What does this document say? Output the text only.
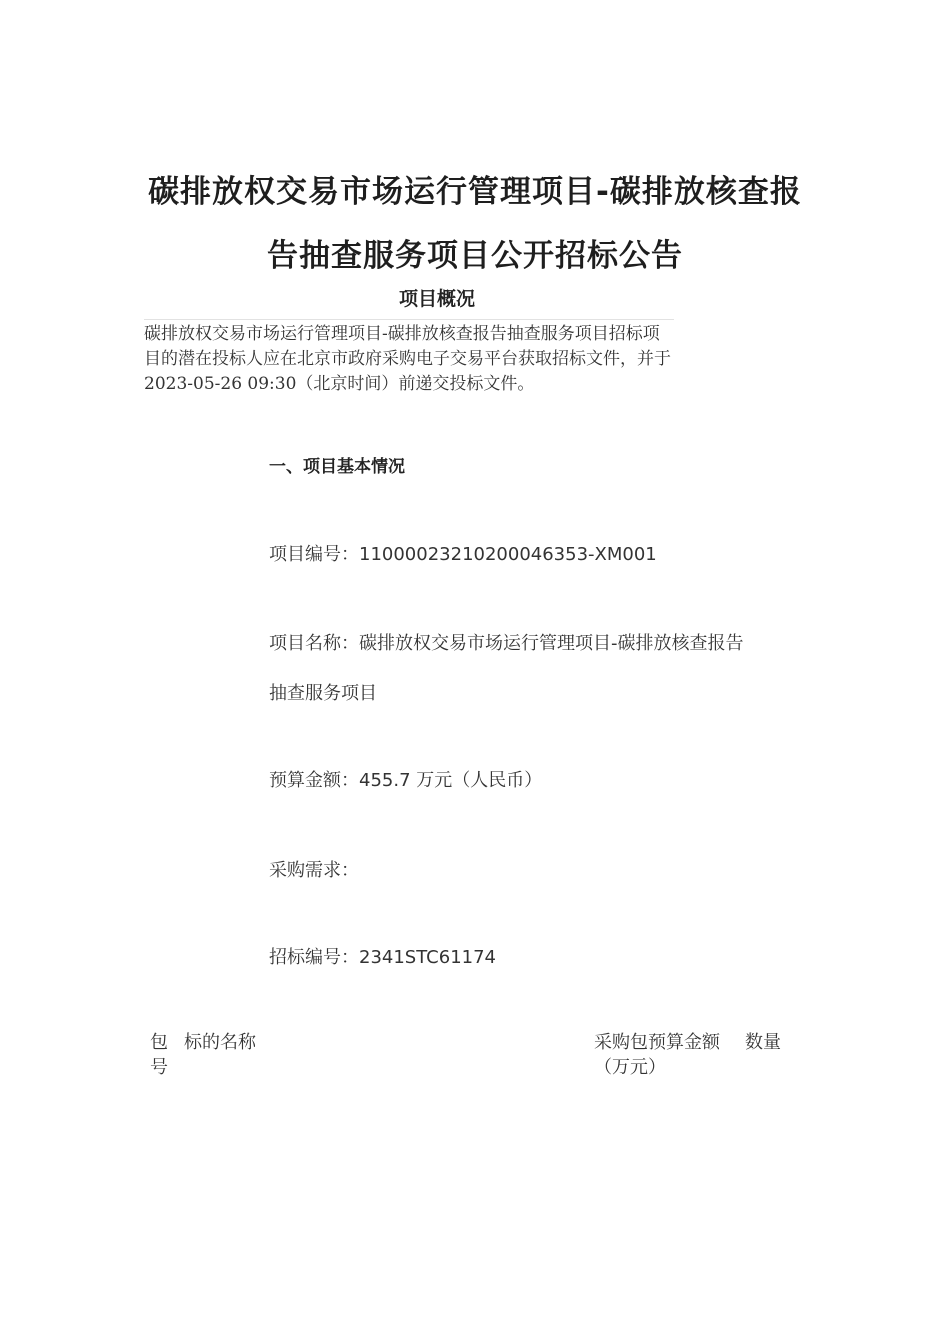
碳排放权交易市场运行管理项目-碳排放核查报
告抽查服务项目公开招标公告
项目概况

碳排放权交易市场运行管理项目-碳排放核查报告抽查服务项目招标项目的潜在投标人应在北京市政府采购电子交易平台获取招标文件，并于2023-05-26 09:30（北京时间）前递交投标文件。

一、项目基本情况

项目编号：11000023210200046353-XM001

项目名称：碳排放权交易市场运行管理项目-碳排放核查报告

抽查服务项目

预算金额：455.7 万元（人民币）

采购需求：

招标编号：2341STC61174

包号
标的名称	采购包预算金额（万元）
数量
